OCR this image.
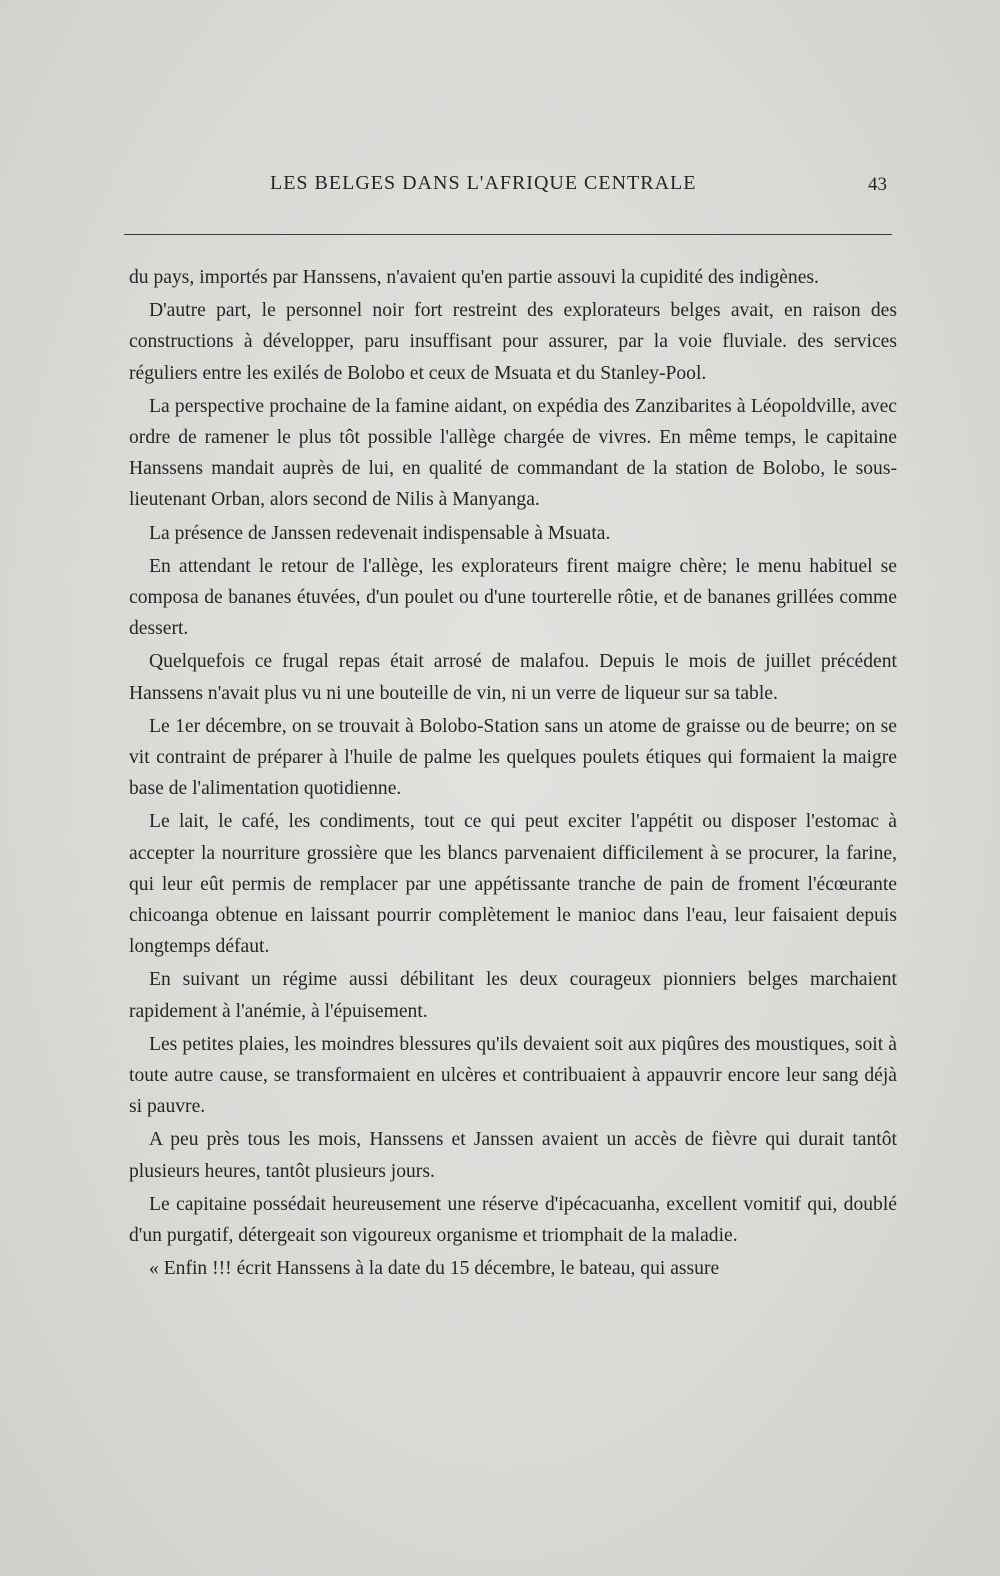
LES BELGES DANS L'AFRIQUE CENTRALE	43

du pays, importés par Hanssens, n'avaient qu'en partie assouvi la cupidité des indigènes.

D'autre part, le personnel noir fort restreint des explorateurs belges avait, en raison des constructions à développer, paru insuffisant pour assurer, par la voie fluviale. des services réguliers entre les exilés de Bolobo et ceux de Msuata et du Stanley-Pool.

La perspective prochaine de la famine aidant, on expédia des Zanzibarites à Léopoldville, avec ordre de ramener le plus tôt possible l'allège chargée de vivres. En même temps, le capitaine Hanssens mandait auprès de lui, en qualité de commandant de la station de Bolobo, le sous-lieutenant Orban, alors second de Nilis à Manyanga.

La présence de Janssen redevenait indispensable à Msuata.

En attendant le retour de l'allège, les explorateurs firent maigre chère; le menu habituel se composa de bananes étuvées, d'un poulet ou d'une tourterelle rôtie, et de bananes grillées comme dessert.

Quelquefois ce frugal repas était arrosé de malafou. Depuis le mois de juillet précédent Hanssens n'avait plus vu ni une bouteille de vin, ni un verre de liqueur sur sa table.

Le 1er décembre, on se trouvait à Bolobo-Station sans un atome de graisse ou de beurre; on se vit contraint de préparer à l'huile de palme les quelques poulets étiques qui formaient la maigre base de l'alimentation quotidienne.

Le lait, le café, les condiments, tout ce qui peut exciter l'appétit ou disposer l'estomac à accepter la nourriture grossière que les blancs parvenaient difficilement à se procurer, la farine, qui leur eût permis de remplacer par une appétissante tranche de pain de froment l'écœurante chicoanga obtenue en laissant pourrir complètement le manioc dans l'eau, leur faisaient depuis longtemps défaut.

En suivant un régime aussi débilitant les deux courageux pionniers belges marchaient rapidement à l'anémie, à l'épuisement.

Les petites plaies, les moindres blessures qu'ils devaient soit aux piqûres des moustiques, soit à toute autre cause, se transformaient en ulcères et contribuaient à appauvrir encore leur sang déjà si pauvre.

A peu près tous les mois, Hanssens et Janssen avaient un accès de fièvre qui durait tantôt plusieurs heures, tantôt plusieurs jours.

Le capitaine possédait heureusement une réserve d'ipécacuanha, excellent vomitif qui, doublé d'un purgatif, détergeait son vigoureux organisme et triomphait de la maladie.

« Enfin !!! écrit Hanssens à la date du 15 décembre, le bateau, qui assure
